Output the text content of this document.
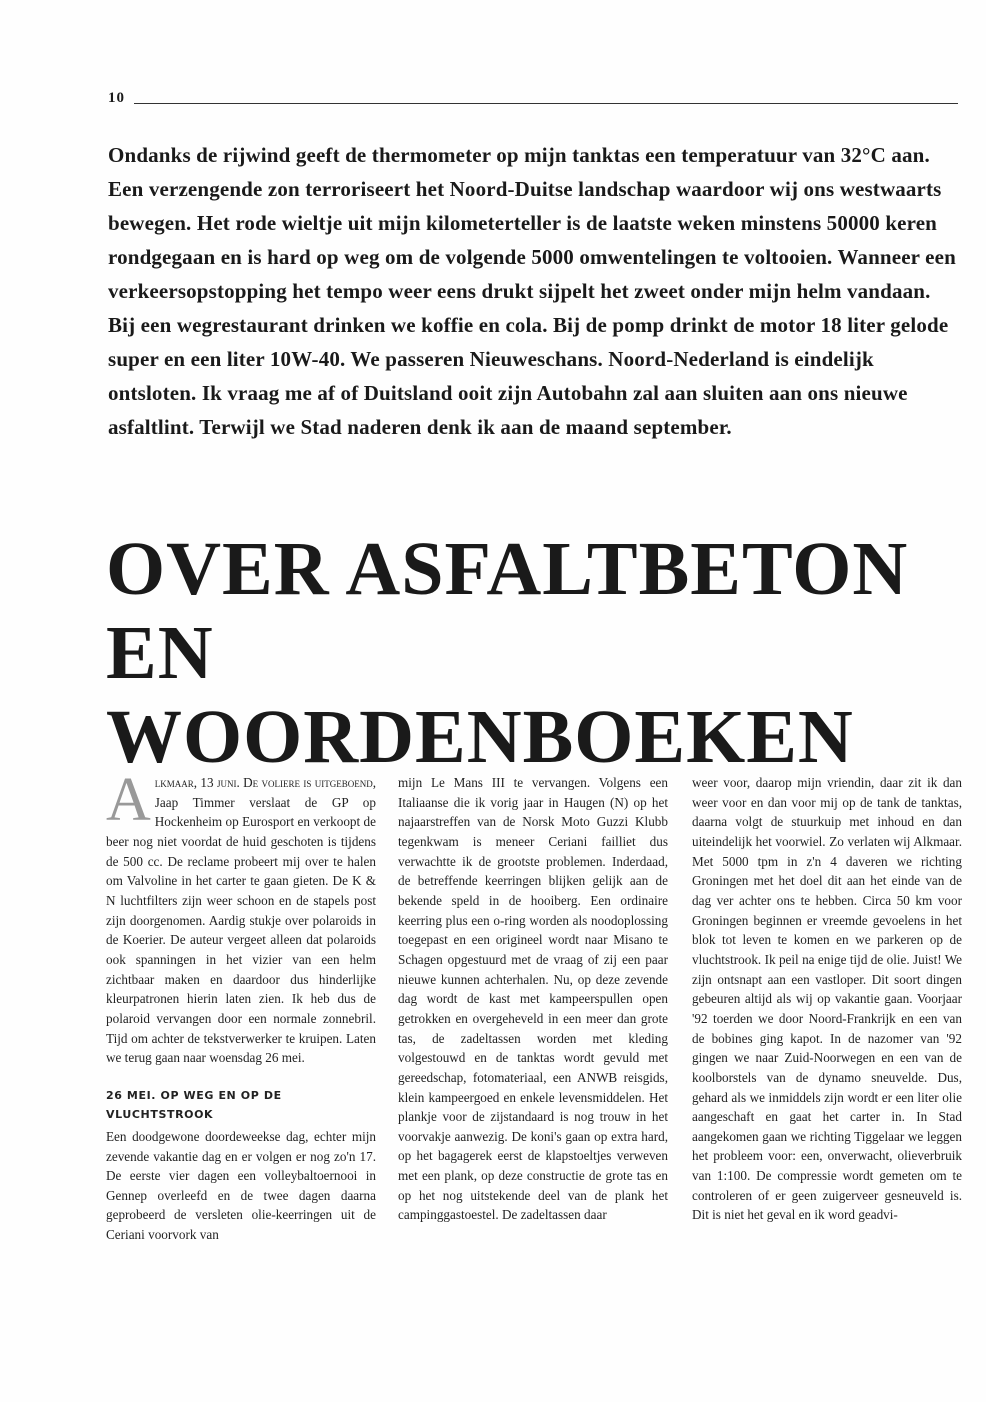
10

Ondanks de rijwind geeft de thermometer op mijn tanktas een temperatuur van 32°C aan. Een verzengende zon terroriseert het Noord-Duitse landschap waardoor wij ons westwaarts bewegen. Het rode wieltje uit mijn kilometerteller is de laatste weken minstens 50000 keren rondgegaan en is hard op weg om de volgende 5000 omwentelingen te voltooien. Wanneer een verkeersopstopping het tempo weer eens drukt sijpelt het zweet onder mijn helm vandaan. Bij een wegrestaurant drinken we koffie en cola. Bij de pomp drinkt de motor 18 liter gelode super en een liter 10W-40. We passeren Nieuweschans. Noord-Nederland is eindelijk ontsloten. Ik vraag me af of Duitsland ooit zijn Autobahn zal aan sluiten aan ons nieuwe asfaltlint. Terwijl we Stad naderen denk ik aan de maand september.

OVER ASFALTBETON
EN WOORDENBOEKEN

A lkmaar, 13 juni. De voliere is uitgeboend, Jaap Timmer verslaat de GP op Hockenheim op Eurosport en verkoopt de beer nog niet voordat de huid geschoten is tijdens de 500 cc. De reclame probeert mij over te halen om Valvoline in het carter te gaan gieten. De K & N luchtfilters zijn weer schoon en de stapels post zijn doorgenomen. Aardig stukje over polaroids in de Koerier. De auteur vergeet alleen dat polaroids ook spanningen in het vizier van een helm zichtbaar maken en daardoor dus hinderlijke kleurpatronen hierin laten zien. Ik heb dus de polaroid vervangen door een normale zonnebril. Tijd om achter de tekstverwerker te kruipen. Laten we terug gaan naar woensdag 26 mei.

26 MEI. OP WEG EN OP DE VLUCHTSTROOK

Een doodgewone doordeweekse dag, echter mijn zevende vakantie dag en er volgen er nog zo'n 17. De eerste vier dagen een volleybaltoernooi in Gennep overleefd en de twee dagen daarna geprobeerd de versleten olie-keerringen uit de Ceriani voorvork van

mijn Le Mans III te vervangen. Volgens een Italiaanse die ik vorig jaar in Haugen (N) op het najaarstreffen van de Norsk Moto Guzzi Klubb tegenkwam is meneer Ceriani failliet dus verwachtte ik de grootste problemen. Inderdaad, de betreffende keerringen blijken gelijk aan de bekende speld in de hooiberg. Een ordinaire keerring plus een o-ring worden als noodoplossing toegepast en een origineel wordt naar Misano te Schagen opgestuurd met de vraag of zij een paar nieuwe kunnen achterhalen. Nu, op deze zevende dag wordt de kast met kampeerspullen open getrokken en overgeheveld in een meer dan grote tas, de zadeltassen worden met kleding volgestouwd en de tanktas wordt gevuld met gereedschap, fotomateriaal, een ANWB reisgids, klein kampeergoed en enkele levensmiddelen. Het plankje voor de zijstandaard is nog trouw in het voorvakje aanwezig. De koni's gaan op extra hard, op het bagagerek eerst de klapstoeltjes verweven met een plank, op deze constructie de grote tas en op het nog uitstekende deel van de plank het campinggastoestel. De zadeltassen daar

weer voor, daarop mijn vriendin, daar zit ik dan weer voor en dan voor mij op de tank de tanktas, daarna volgt de stuurkuip met inhoud en dan uiteindelijk het voorwiel. Zo verlaten wij Alkmaar. Met 5000 tpm in z'n 4 daveren we richting Groningen met het doel dit aan het einde van de dag ver achter ons te hebben. Circa 50 km voor Groningen beginnen er vreemde gevoelens in het blok tot leven te komen en we parkeren op de vluchtstrook. Ik peil na enige tijd de olie. Juist! We zijn ontsnapt aan een vastloper. Dit soort dingen gebeuren altijd als wij op vakantie gaan. Voorjaar '92 toerden we door Noord-Frankrijk en een van de bobines ging kapot. In de nazomer van '92 gingen we naar Zuid-Noorwegen en een van de koolborstels van de dynamo sneuvelde. Dus, gehard als we inmiddels zijn wordt er een liter olie aangeschaft en gaat het carter in. In Stad aangekomen gaan we richting Tiggelaar we leggen het probleem voor: een, onverwacht, olieverbruik van 1:100. De compressie wordt gemeten om te controleren of er geen zuigerveer gesneuveld is. Dit is niet het geval en ik word geadvi-
